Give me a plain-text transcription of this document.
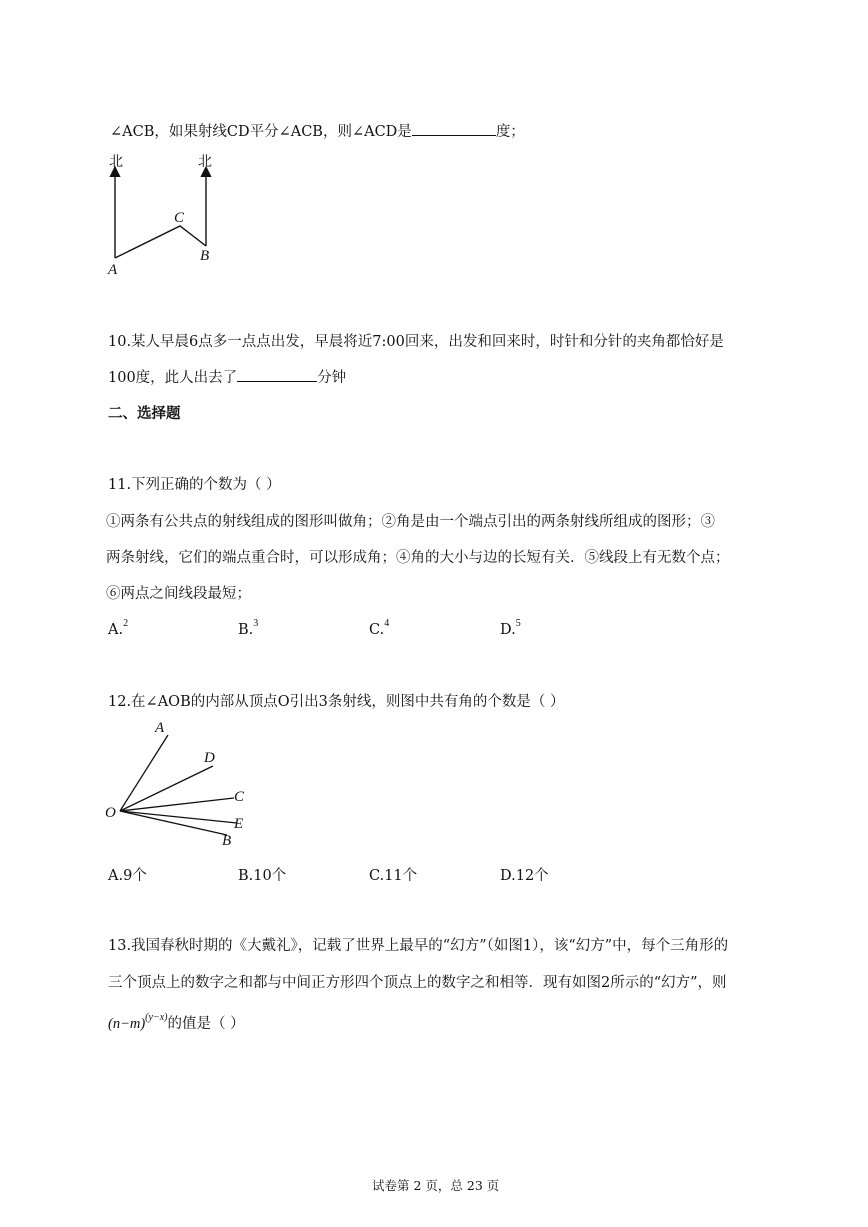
∠ACB，如果射线CD平分∠ACB，则∠ACD是	度；
北	北
A
C
B
10.某人早晨6点多一点点出发，早晨将近7:00回来，出发和回来时，时针和分针的夹角都恰好是
100度，此人出去了	分钟
二、选择题
11.下列正确的个数为（ ）
①两条有公共点的射线组成的图形叫做角；②角是由一个端点引出的两条射线所组成的图形；③
两条射线，它们的端点重合时，可以形成角；④角的大小与边的长短有关．⑤线段上有无数个点；
⑥两点之间线段最短；
A.$^2$	B.$^3$	C.$^4$	D.$^5$
12.在∠AOB的内部从顶点O引出3条射线，则图中共有角的个数是（ ）
O
A
D
C
E
B
A.9个	B.10个	C.11个	D.12个
13.我国春秋时期的《大戴礼》，记载了世界上最早的“幻方”（如图1），该“幻方”中，每个三角形的
三个顶点上的数字之和都与中间正方形四个顶点上的数字之和相等．现有如图2所示的“幻方”，则
$(n-m)^{(y-x)}$的值是（ ）
试卷第 2 页，总 23 页
